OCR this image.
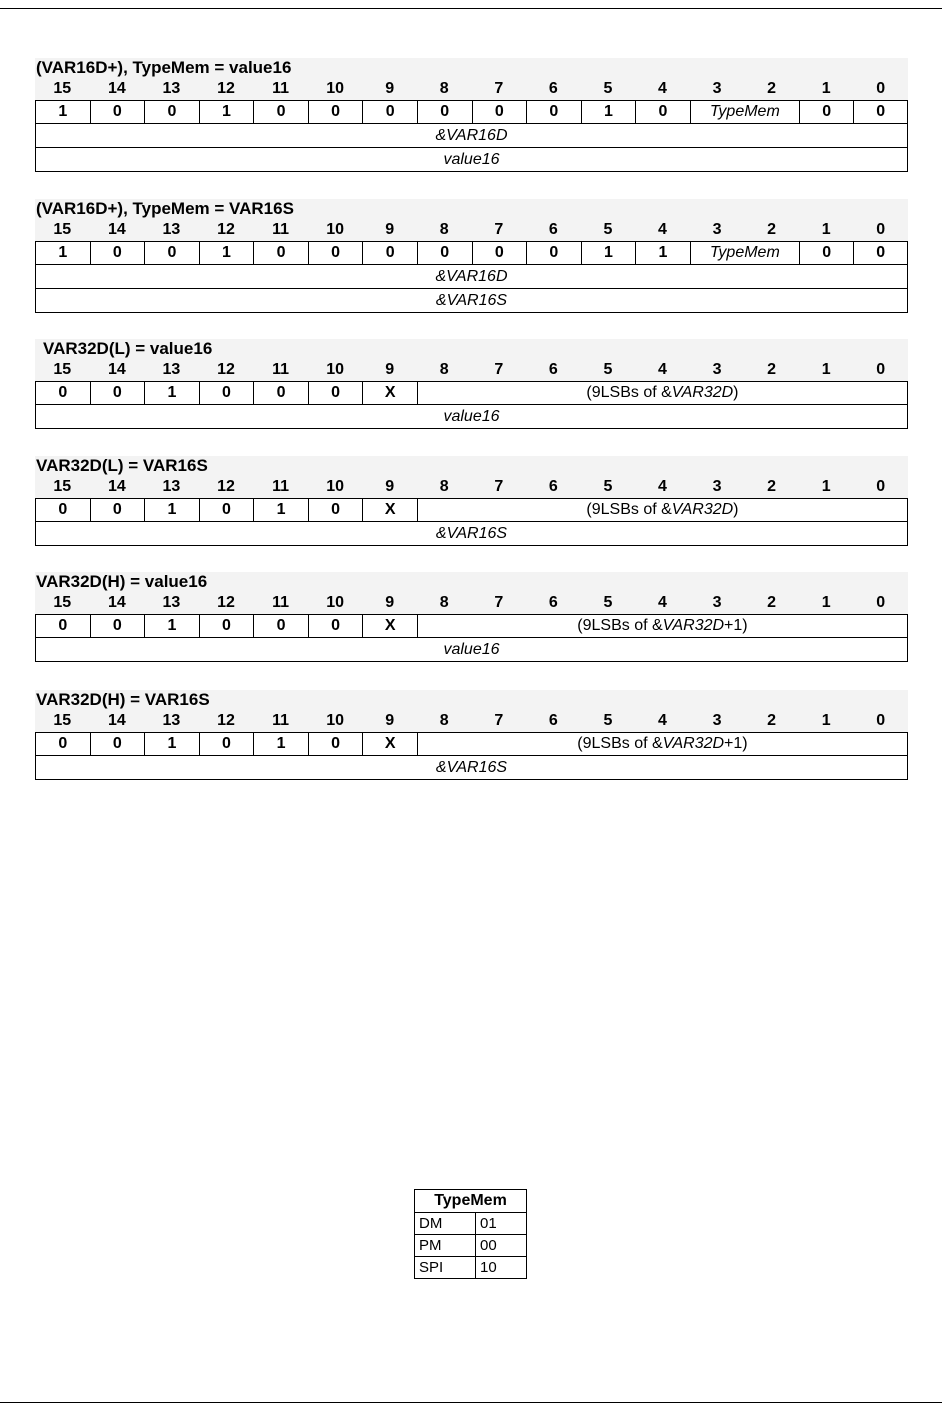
(VAR16D+), TypeMem = value16
15	14	13	12	11	10	9	8	7	6	5	4	3	2	1	0
1	0	0	1	0	0	0	0	0	0	1	0	TypeMem	0	0
&VAR16D
value16
(VAR16D+), TypeMem = VAR16S
15	14	13	12	11	10	9	8	7	6	5	4	3	2	1	0
1	0	0	1	0	0	0	0	0	0	1	1	TypeMem	0	0
&VAR16D
&VAR16S
VAR32D(L) = value16
15	14	13	12	11	10	9	8	7	6	5	4	3	2	1	0
0	0	1	0	0	0	X	(9LSBs of &VAR32D)
value16
VAR32D(L) = VAR16S
15	14	13	12	11	10	9	8	7	6	5	4	3	2	1	0
0	0	1	0	1	0	X	(9LSBs of &VAR32D)
&VAR16S
VAR32D(H) = value16
15	14	13	12	11	10	9	8	7	6	5	4	3	2	1	0
0	0	1	0	0	0	X	(9LSBs of &VAR32D+1)
value16
VAR32D(H) = VAR16S
15	14	13	12	11	10	9	8	7	6	5	4	3	2	1	0
0	0	1	0	1	0	X	(9LSBs of &VAR32D+1)
&VAR16S
TypeMem	
DM	01
PM	00
SPI	10
